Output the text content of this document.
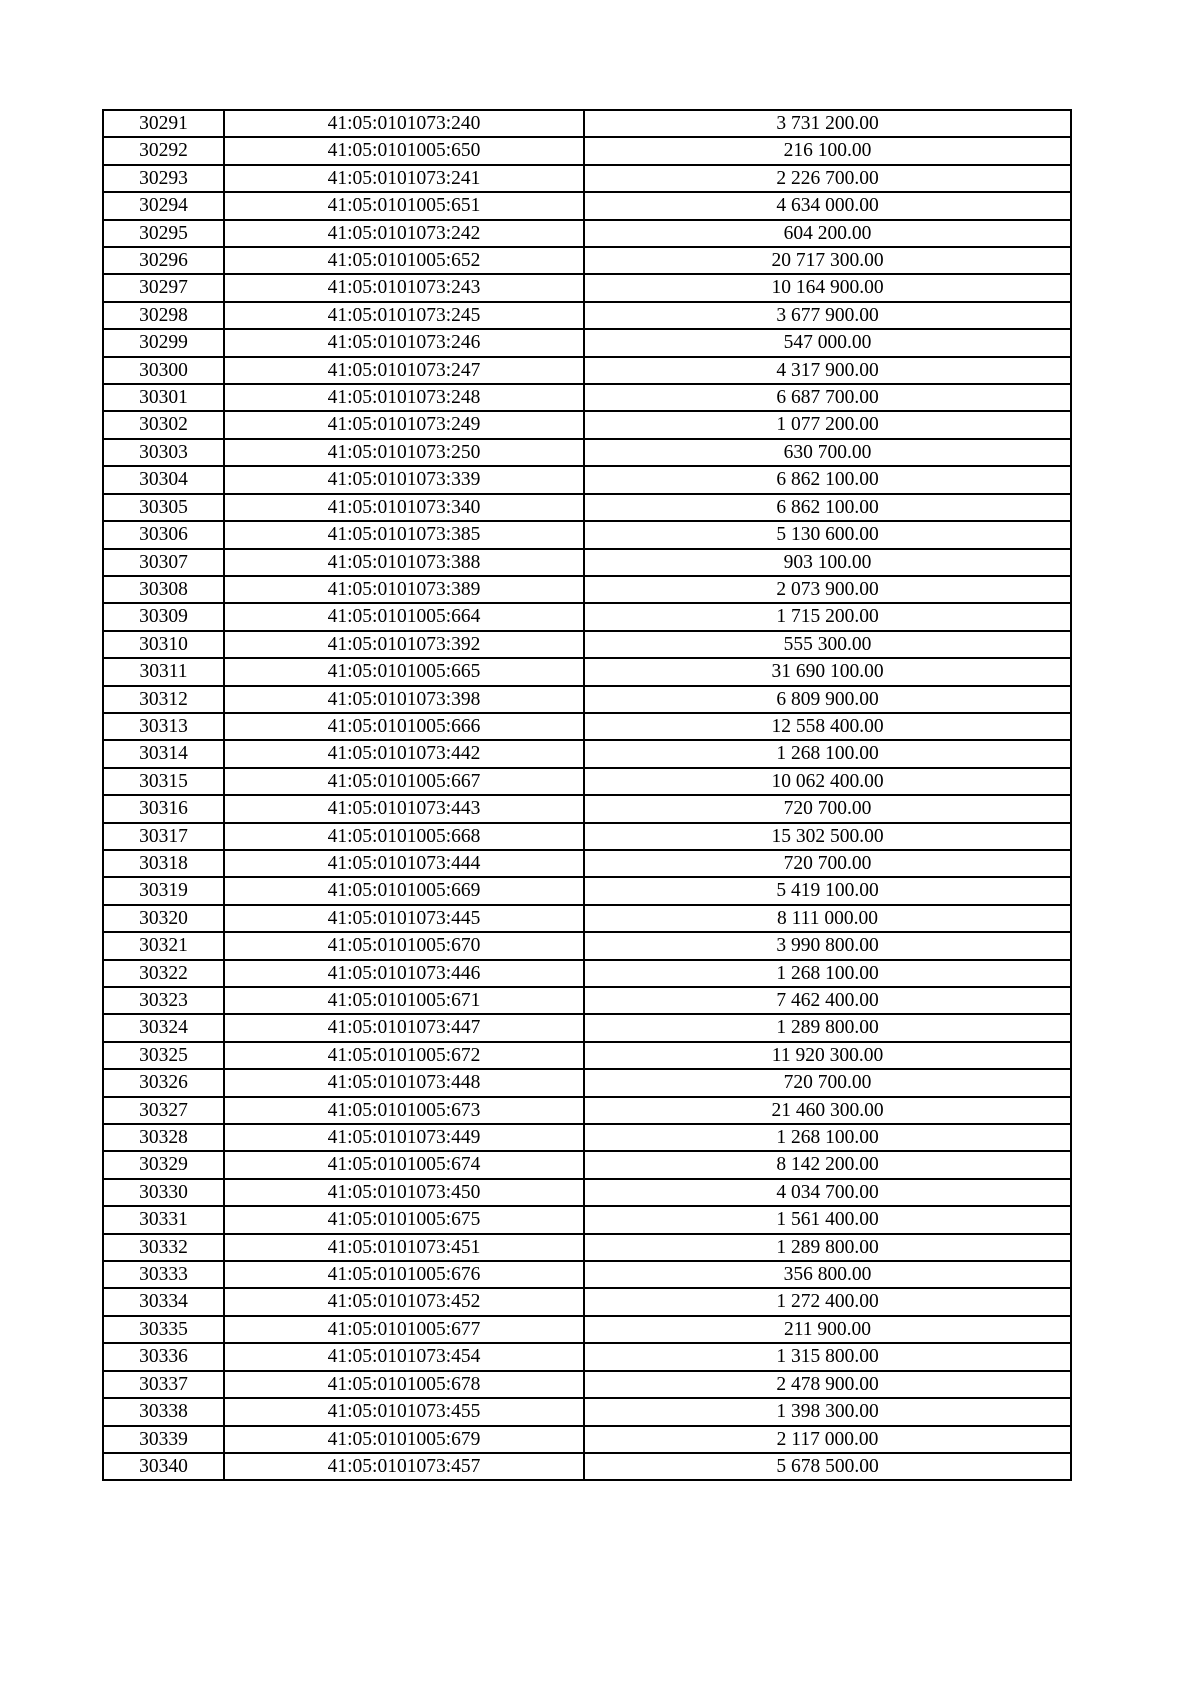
30291	41:05:0101073:240	3 731 200.00
30292	41:05:0101005:650	216 100.00
30293	41:05:0101073:241	2 226 700.00
30294	41:05:0101005:651	4 634 000.00
30295	41:05:0101073:242	604 200.00
30296	41:05:0101005:652	20 717 300.00
30297	41:05:0101073:243	10 164 900.00
30298	41:05:0101073:245	3 677 900.00
30299	41:05:0101073:246	547 000.00
30300	41:05:0101073:247	4 317 900.00
30301	41:05:0101073:248	6 687 700.00
30302	41:05:0101073:249	1 077 200.00
30303	41:05:0101073:250	630 700.00
30304	41:05:0101073:339	6 862 100.00
30305	41:05:0101073:340	6 862 100.00
30306	41:05:0101073:385	5 130 600.00
30307	41:05:0101073:388	903 100.00
30308	41:05:0101073:389	2 073 900.00
30309	41:05:0101005:664	1 715 200.00
30310	41:05:0101073:392	555 300.00
30311	41:05:0101005:665	31 690 100.00
30312	41:05:0101073:398	6 809 900.00
30313	41:05:0101005:666	12 558 400.00
30314	41:05:0101073:442	1 268 100.00
30315	41:05:0101005:667	10 062 400.00
30316	41:05:0101073:443	720 700.00
30317	41:05:0101005:668	15 302 500.00
30318	41:05:0101073:444	720 700.00
30319	41:05:0101005:669	5 419 100.00
30320	41:05:0101073:445	8 111 000.00
30321	41:05:0101005:670	3 990 800.00
30322	41:05:0101073:446	1 268 100.00
30323	41:05:0101005:671	7 462 400.00
30324	41:05:0101073:447	1 289 800.00
30325	41:05:0101005:672	11 920 300.00
30326	41:05:0101073:448	720 700.00
30327	41:05:0101005:673	21 460 300.00
30328	41:05:0101073:449	1 268 100.00
30329	41:05:0101005:674	8 142 200.00
30330	41:05:0101073:450	4 034 700.00
30331	41:05:0101005:675	1 561 400.00
30332	41:05:0101073:451	1 289 800.00
30333	41:05:0101005:676	356 800.00
30334	41:05:0101073:452	1 272 400.00
30335	41:05:0101005:677	211 900.00
30336	41:05:0101073:454	1 315 800.00
30337	41:05:0101005:678	2 478 900.00
30338	41:05:0101073:455	1 398 300.00
30339	41:05:0101005:679	2 117 000.00
30340	41:05:0101073:457	5 678 500.00
